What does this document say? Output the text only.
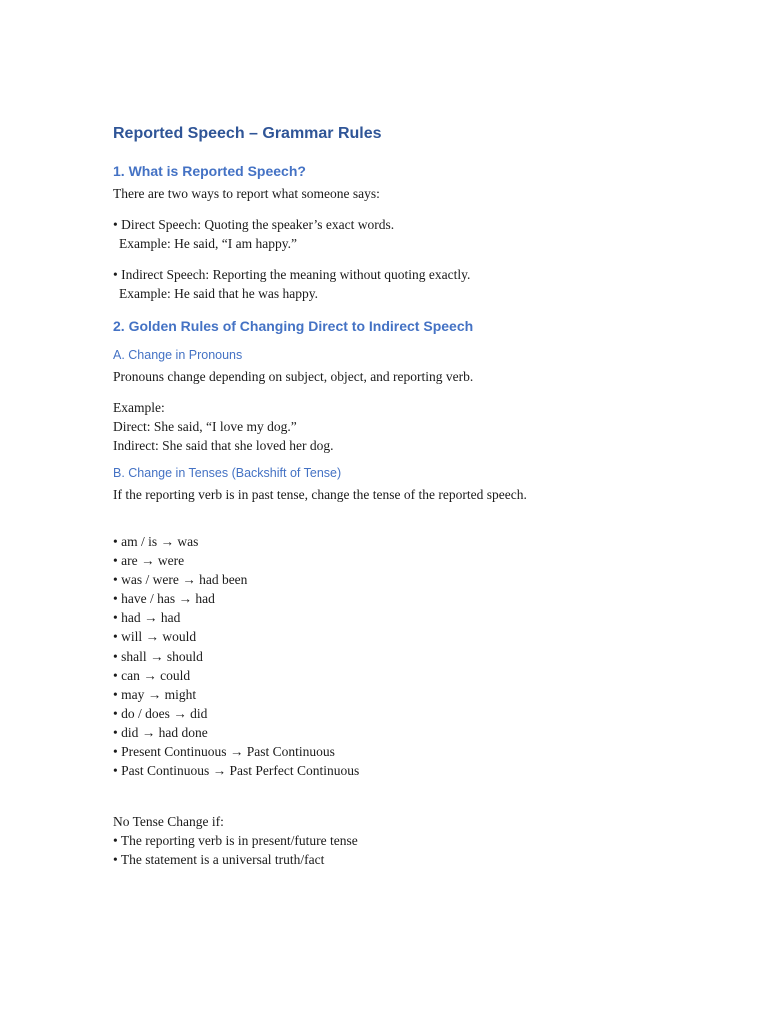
Reported Speech – Grammar Rules
1. What is Reported Speech?

There are two ways to report what someone says:

• Direct Speech: Quoting the speaker’s exact words.

Example: He said, “I am happy.”

• Indirect Speech: Reporting the meaning without quoting exactly.

Example: He said that he was happy.

2. Golden Rules of Changing Direct to Indirect Speech
A. Change in Pronouns

Pronouns change depending on subject, object, and reporting verb.

Example:

Direct: She said, “I love my dog.”

Indirect: She said that she loved her dog.

B. Change in Tenses (Backshift of Tense)

If the reporting verb is in past tense, change the tense of the reported speech.

• am / is → was
• are → were
• was / were → had been
• have / has → had
• had → had
• will → would
• shall → should
• can → could
• may → might
• do / does → did
• did → had done
• Present Continuous → Past Continuous
• Past Continuous → Past Perfect Continuous

No Tense Change if:

• The reporting verb is in present/future tense
• The statement is a universal truth/fact
